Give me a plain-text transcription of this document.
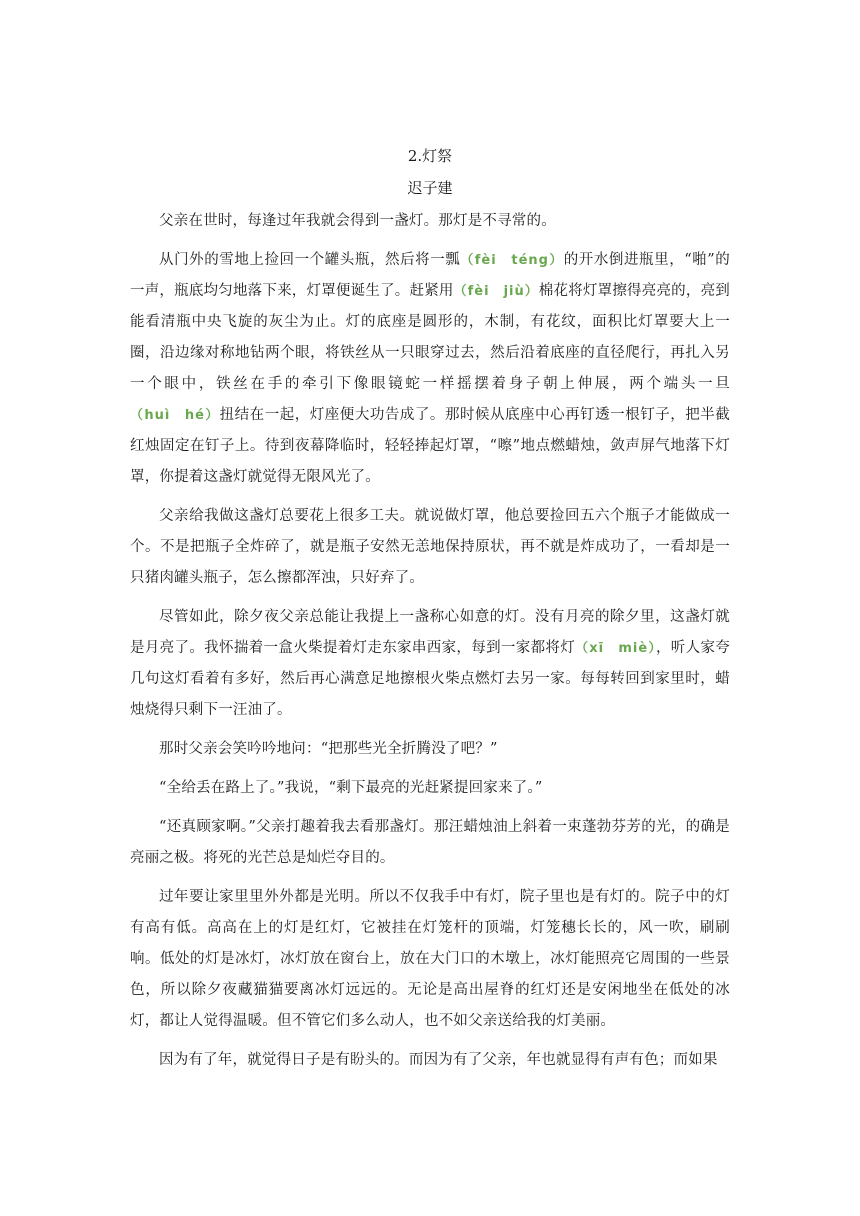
2.灯祭

迟子建

父亲在世时，每逢过年我就会得到一盏灯。那灯是不寻常的。

从门外的雪地上捡回一个罐头瓶，然后将一瓢（fèi　téng）的开水倒进瓶里，“啪”的一声，瓶底均匀地落下来，灯罩便诞生了。赶紧用（fèi　jiù）棉花将灯罩擦得亮亮的，亮到能看清瓶中央飞旋的灰尘为止。灯的底座是圆形的，木制，有花纹，面积比灯罩要大上一圈，沿边缘对称地钻两个眼，将铁丝从一只眼穿过去，然后沿着底座的直径爬行，再扎入另一个眼中，铁丝在手的牵引下像眼镜蛇一样摇摆着身子朝上伸展，两个端头一旦（huì　hé）扭结在一起，灯座便大功告成了。那时候从底座中心再钉透一根钉子，把半截红烛固定在钉子上。待到夜幕降临时，轻轻捧起灯罩，“嚓”地点燃蜡烛，敛声屏气地落下灯罩，你提着这盏灯就觉得无限风光了。

父亲给我做这盏灯总要花上很多工夫。就说做灯罩，他总要捡回五六个瓶子才能做成一个。不是把瓶子全炸碎了，就是瓶子安然无恙地保持原状，再不就是炸成功了，一看却是一只猪肉罐头瓶子，怎么擦都浑浊，只好弃了。

尽管如此，除夕夜父亲总能让我提上一盏称心如意的灯。没有月亮的除夕里，这盏灯就是月亮了。我怀揣着一盒火柴提着灯走东家串西家，每到一家都将灯（xī　miè），听人家夸几句这灯看着有多好，然后再心满意足地擦根火柴点燃灯去另一家。每每转回到家里时，蜡烛烧得只剩下一汪油了。

那时父亲会笑吟吟地问：“把那些光全折腾没了吧？”

“全给丢在路上了。”我说，“剩下最亮的光赶紧提回家来了。”

“还真顾家啊。”父亲打趣着我去看那盏灯。那汪蜡烛油上斜着一束蓬勃芬芳的光，的确是亮丽之极。将死的光芒总是灿烂夺目的。

过年要让家里里外外都是光明。所以不仅我手中有灯，院子里也是有灯的。院子中的灯有高有低。高高在上的灯是红灯，它被挂在灯笼杆的顶端，灯笼穗长长的，风一吹，刷刷响。低处的灯是冰灯，冰灯放在窗台上，放在大门口的木墩上，冰灯能照亮它周围的一些景色，所以除夕夜藏猫猫要离冰灯远远的。无论是高出屋脊的红灯还是安闲地坐在低处的冰灯，都让人觉得温暖。但不管它们多么动人，也不如父亲送给我的灯美丽。

因为有了年，就觉得日子是有盼头的。而因为有了父亲，年也就显得有声有色；而如果
